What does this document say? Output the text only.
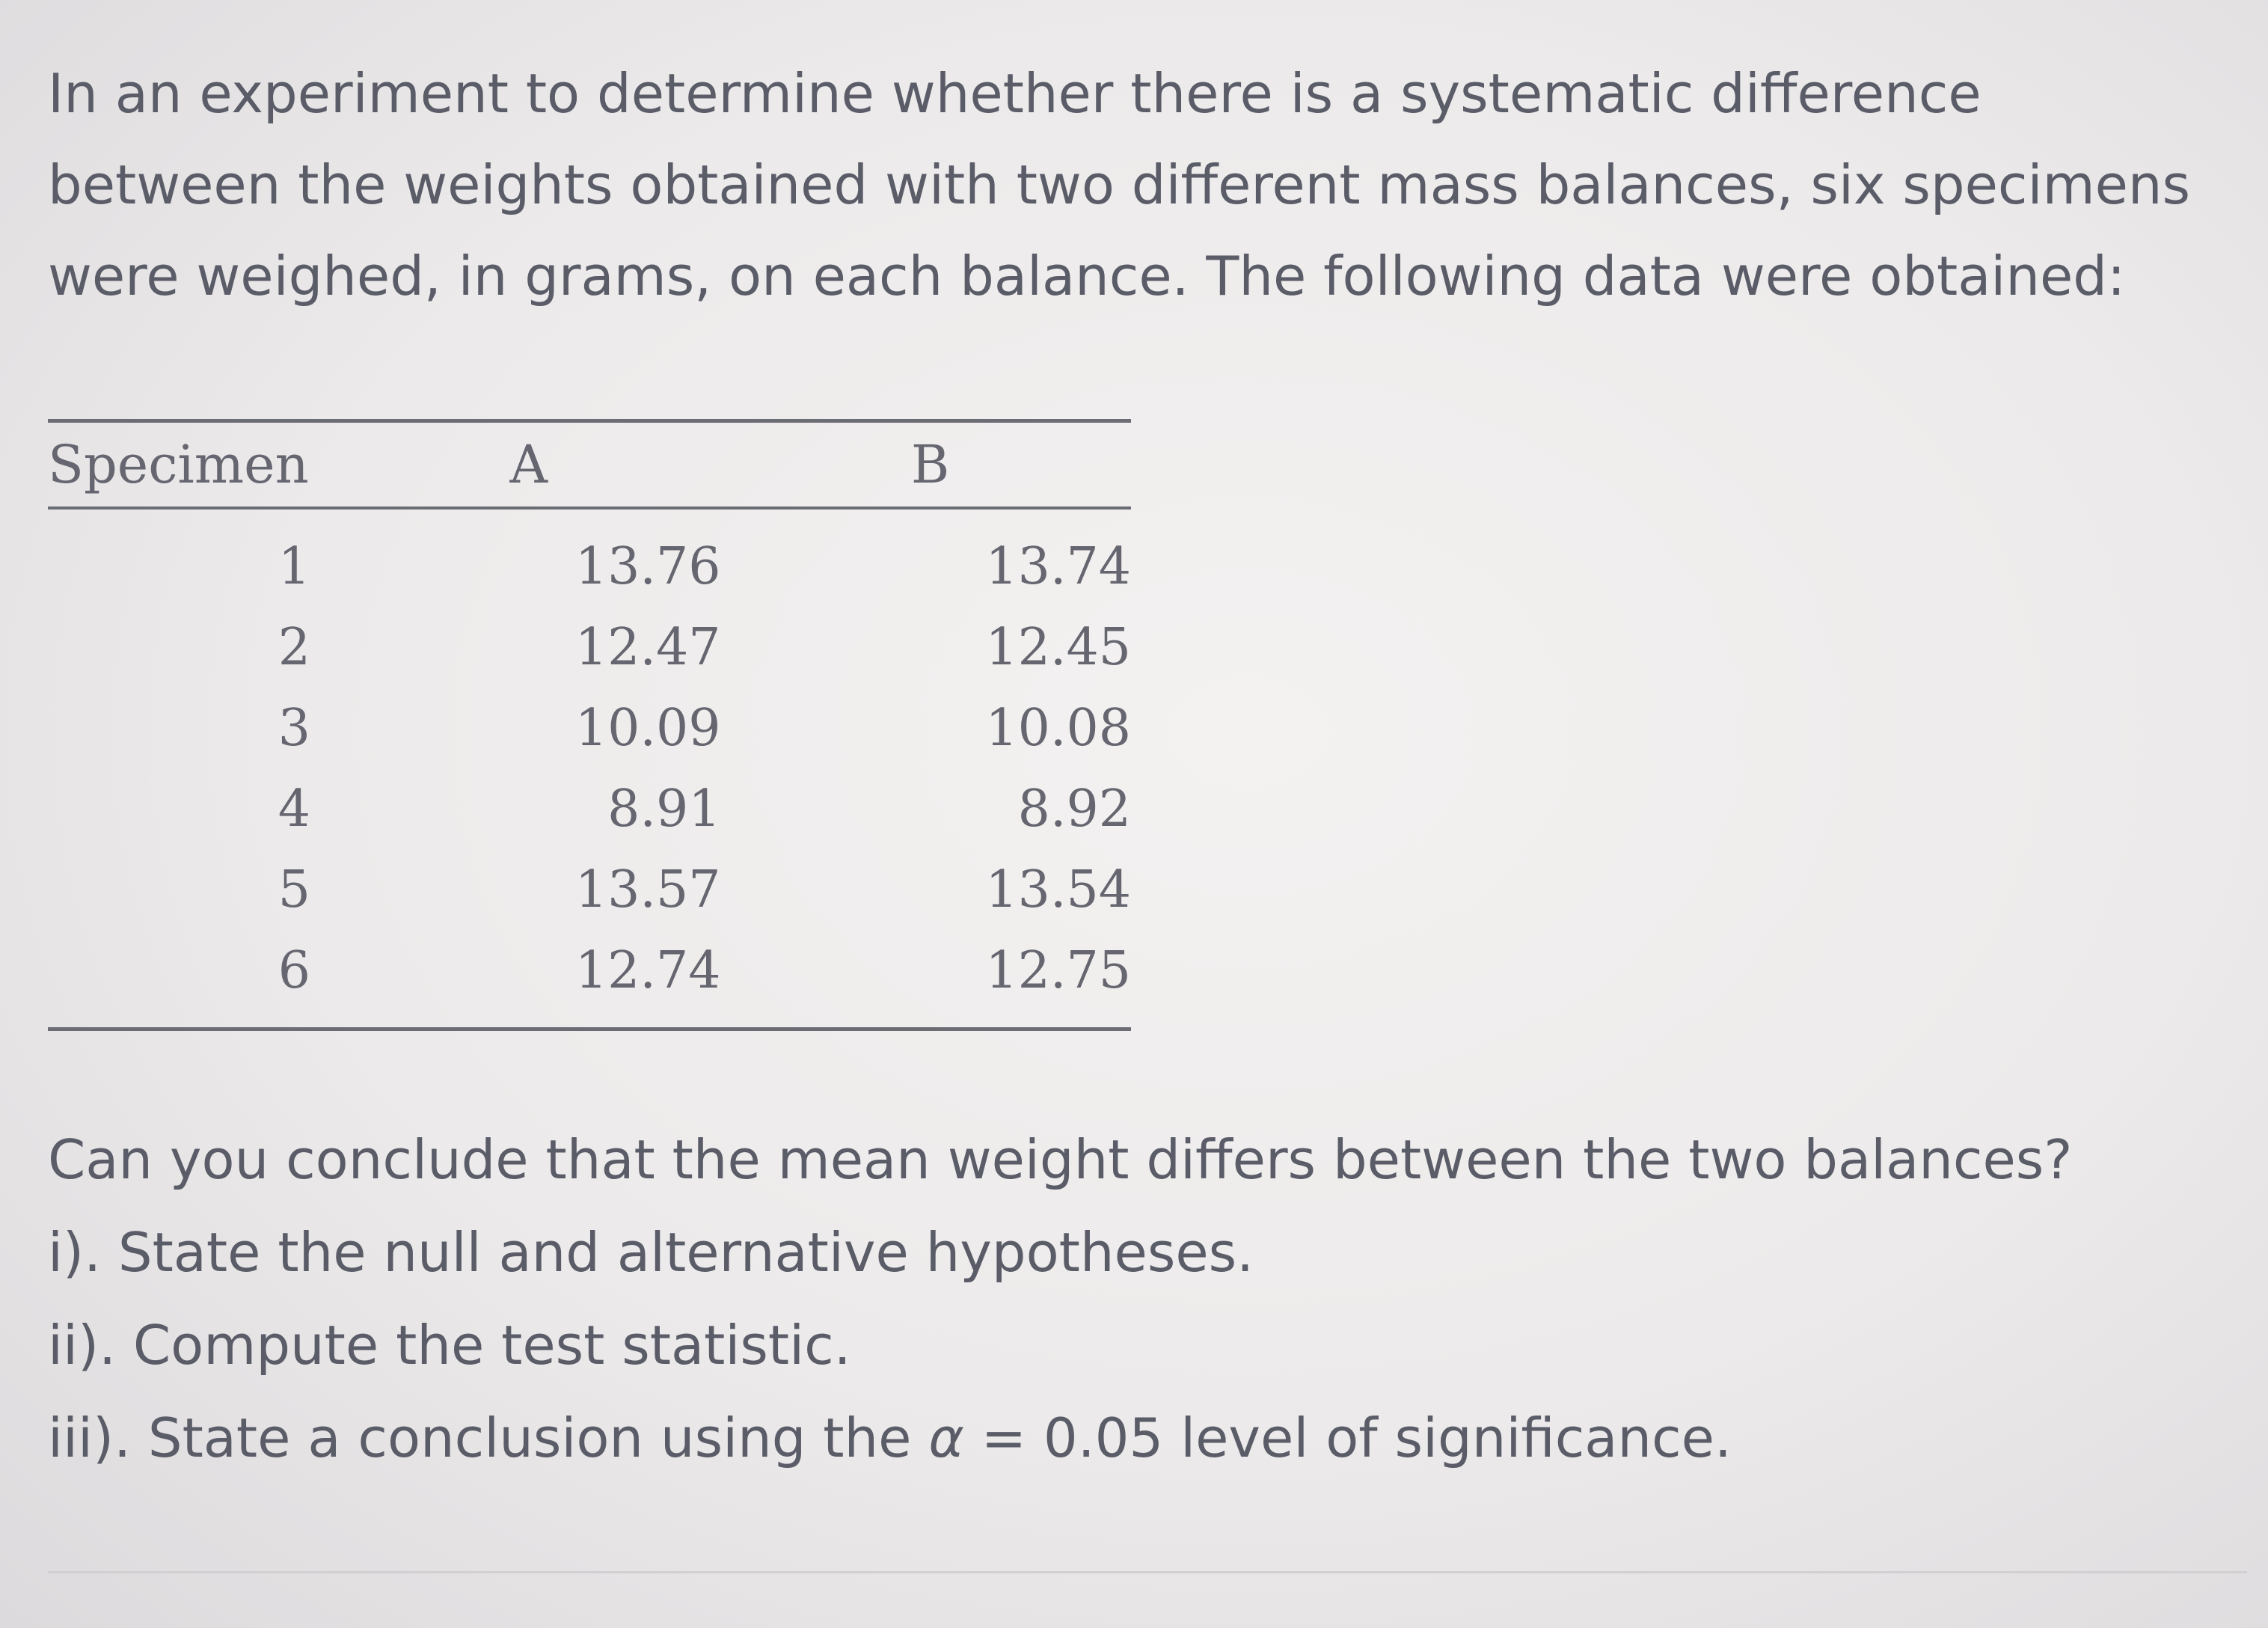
In an experiment to determine whether there is a systematic difference

between the weights obtained with two different mass balances, six specimens

were weighed, in grams, on each balance. The following data were obtained:

Specimen	A	B
1	13.76	13.74
2	12.47	12.45
3	10.09	10.08
4	8.91	8.92
5	13.57	13.54
6	12.74	12.75

Can you conclude that the mean weight differs between the two balances?

i). State the null and alternative hypotheses.

ii). Compute the test statistic.

iii). State a conclusion using the α = 0.05 level of significance.
